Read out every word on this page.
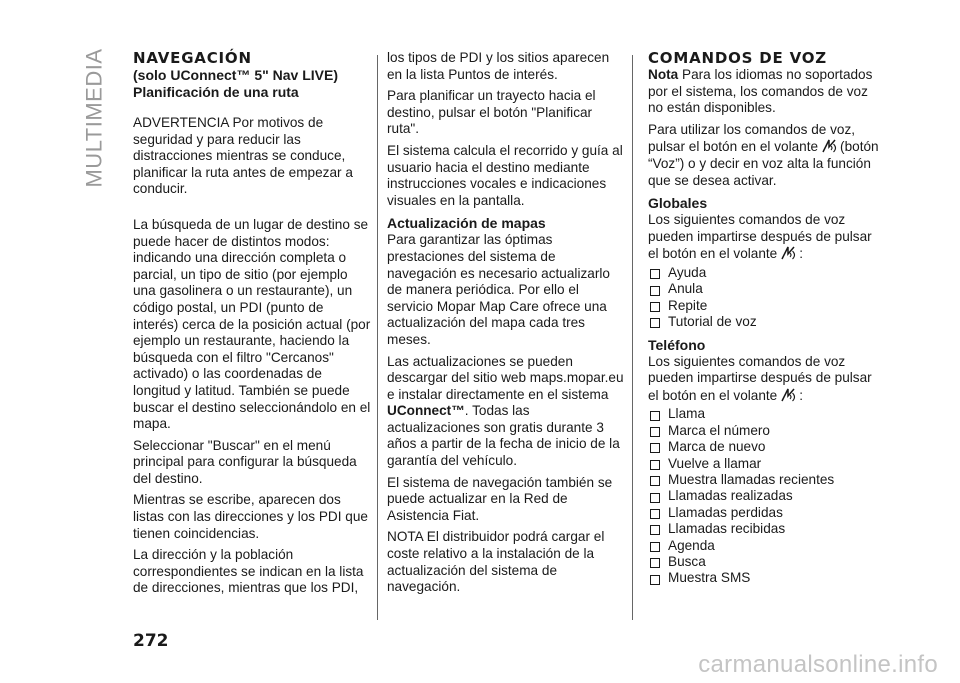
MULTIMEDIA NAVEGACIÓN
(solo UConnect™ 5" Nav LIVE)
Planificación de una ruta

ADVERTENCIA Por motivos de seguridad y para reducir las distracciones mientras se conduce, planificar la ruta antes de empezar a conducir.

La búsqueda de un lugar de destino se puede hacer de distintos modos: indicando una dirección completa o parcial, un tipo de sitio (por ejemplo una gasolinera o un restaurante), un código postal, un PDI (punto de interés) cerca de la posición actual (por ejemplo un restaurante, haciendo la búsqueda con el filtro "Cercanos" activado) o las coordenadas de longitud y latitud. También se puede buscar el destino seleccionándolo en el mapa.

Seleccionar "Buscar" en el menú principal para configurar la búsqueda del destino.

Mientras se escribe, aparecen dos listas con las direcciones y los PDI que tienen coincidencias.

La dirección y la población correspondientes se indican en la lista de direcciones, mientras que los PDI,

los tipos de PDI y los sitios aparecen en la lista Puntos de interés.

Para planificar un trayecto hacia el destino, pulsar el botón "Planificar ruta".

El sistema calcula el recorrido y guía al usuario hacia el destino mediante instrucciones vocales e indicaciones visuales en la pantalla.

Actualización de mapas

Para garantizar las óptimas prestaciones del sistema de navegación es necesario actualizarlo de manera periódica. Por ello el servicio Mopar Map Care ofrece una actualización del mapa cada tres meses.

Las actualizaciones se pueden descargar del sitio web maps.mopar.eu e instalar directamente en el sistema UConnect™. Todas las actualizaciones son gratis durante 3 años a partir de la fecha de inicio de la garantía del vehículo.

El sistema de navegación también se puede actualizar en la Red de Asistencia Fiat.

NOTA El distribuidor podrá cargar el coste relativo a la instalación de la actualización del sistema de navegación.

COMANDOS DE VOZ

Nota Para los idiomas no soportados por el sistema, los comandos de voz no están disponibles.

Para utilizar los comandos de voz, pulsar el botón en el volante (botón “Voz”) o y decir en voz alta la función que se desea activar.

Globales

Los siguientes comandos de voz pueden impartirse después de pulsar el botón en el volante :

Ayuda
Anula
Repite
Tutorial de voz
Teléfono

Los siguientes comandos de voz pueden impartirse después de pulsar el botón en el volante :

Llama
Marca el número
Marca de nuevo
Vuelve a llamar
Muestra llamadas recientes
Llamadas realizadas
Llamadas perdidas
Llamadas recibidas
Agenda
Busca
Muestra SMS
272
carmanualsonline.info
